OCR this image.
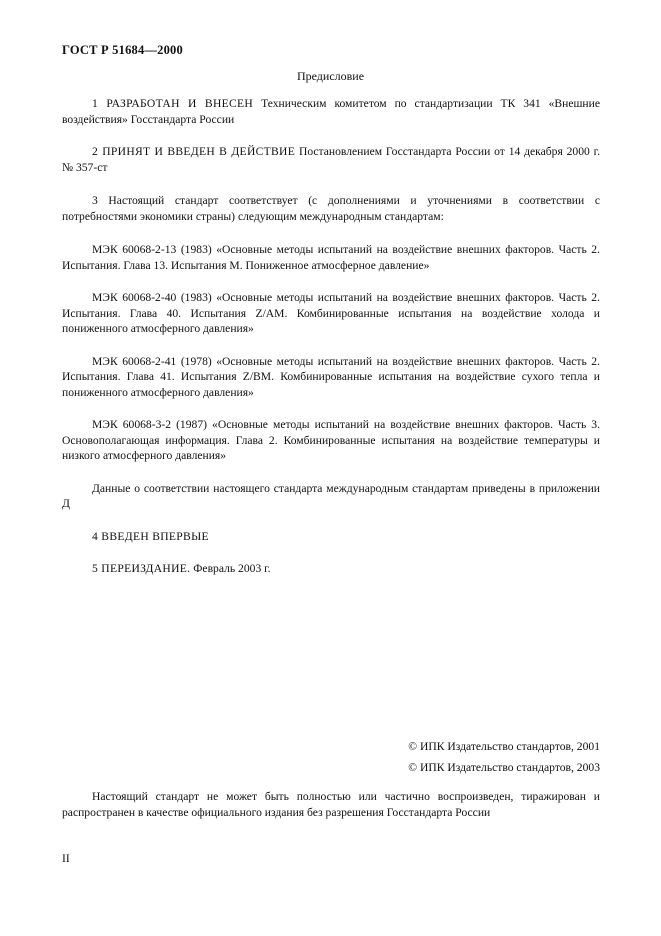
ГОСТ Р 51684—2000
Предисловие

1 РАЗРАБОТАН И ВНЕСЕН Техническим комитетом по стандартизации ТК 341 «Внешние воздействия» Госстандарта России

2 ПРИНЯТ И ВВЕДЕН В ДЕЙСТВИЕ Постановлением Госстандарта России от 14 декабря 2000 г. № 357-ст

3 Настоящий стандарт соответствует (с дополнениями и уточнениями в соответствии с потребностями экономики страны) следующим международным стандартам:

МЭК 60068-2-13 (1983) «Основные методы испытаний на воздействие внешних факторов. Часть 2. Испытания. Глава 13. Испытания М. Пониженное атмосферное давление»

МЭК 60068-2-40 (1983) «Основные методы испытаний на воздействие внешних факторов. Часть 2. Испытания. Глава 40. Испытания Z/АМ. Комбинированные испытания на воздействие холода и пониженного атмосферного давления»

МЭК 60068-2-41 (1978) «Основные методы испытаний на воздействие внешних факторов. Часть 2. Испытания. Глава 41. Испытания Z/ВМ. Комбинированные испытания на воздействие сухого тепла и пониженного атмосферного давления»

МЭК 60068-3-2 (1987) «Основные методы испытаний на воздействие внешних факторов. Часть 3. Основополагающая информация. Глава 2. Комбинированные испытания на воздействие температуры и низкого атмосферного давления»

Данные о соответствии настоящего стандарта международным стандартам приведены в приложении Д

4 ВВЕДЕН ВПЕРВЫЕ

5 ПЕРЕИЗДАНИЕ. Февраль 2003 г.

© ИПК Издательство стандартов, 2001
© ИПК Издательство стандартов, 2003
Настоящий стандарт не может быть полностью или частично воспроизведен, тиражирован и распространен в качестве официального издания без разрешения Госстандарта России
II
